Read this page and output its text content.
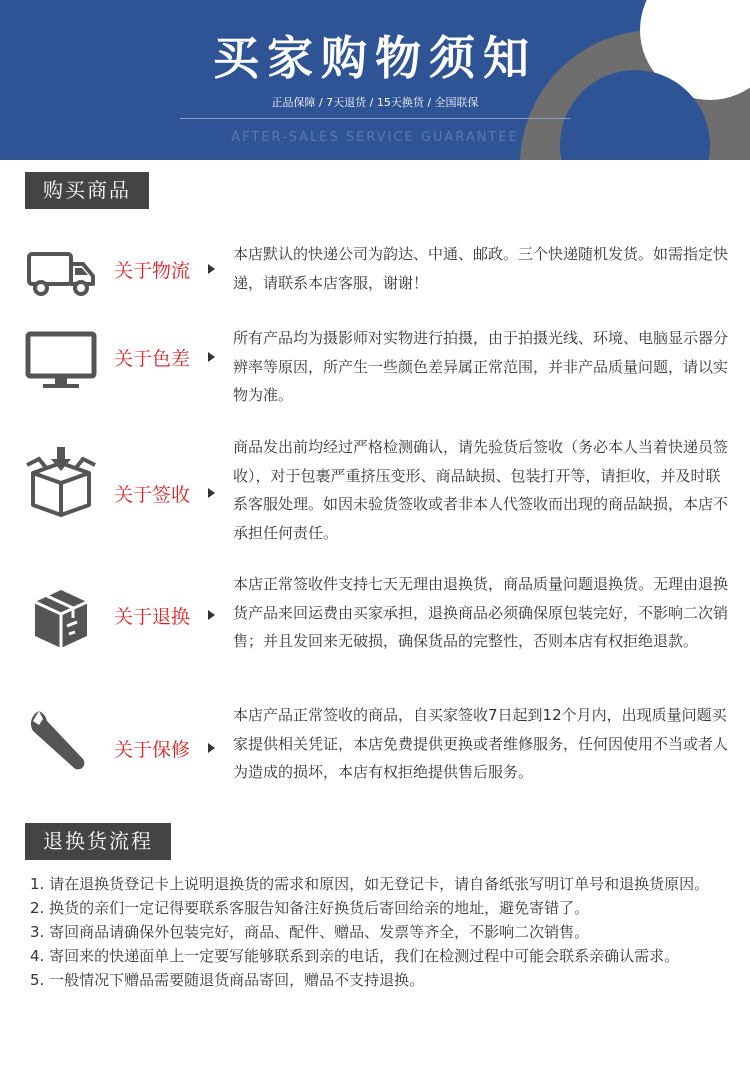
买家购物须知
正品保障 / 7天退货 / 15天换货 / 全国联保
AFTER-SALES SERVICE GUARANTEE
购买商品
关于物流
本店默认的快递公司为韵达、中通、邮政。三个快递随机发货。如需指定快递，请联系本店客服，谢谢！
关于色差
所有产品均为摄影师对实物进行拍摄，由于拍摄光线、环境、电脑显示器分辨率等原因，所产生一些颜色差异属正常范围，并非产品质量问题，请以实物为准。
关于签收
商品发出前均经过严格检测确认，请先验货后签收（务必本人当着快递员签收），对于包裹严重挤压变形、商品缺损、包装打开等，请拒收，并及时联系客服处理。如因未验货签收或者非本人代签收而出现的商品缺损，本店不承担任何责任。
关于退换
本店正常签收件支持七天无理由退换货，商品质量问题退换货。无理由退换货产品来回运费由买家承担，退换商品必须确保原包装完好，不影响二次销售；并且发回来无破损，确保货品的完整性，否则本店有权拒绝退款。
关于保修
本店产品正常签收的商品，自买家签收7日起到12个月内，出现质量问题买家提供相关凭证，本店免费提供更换或者维修服务，任何因使用不当或者人为造成的损坏，本店有权拒绝提供售后服务。
退换货流程
1. 请在退换货登记卡上说明退换货的需求和原因，如无登记卡，请自备纸张写明订单号和退换货原因。
2. 换货的亲们一定记得要联系客服告知备注好换货后寄回给亲的地址，避免寄错了。
3. 寄回商品请确保外包装完好，商品、配件、赠品、发票等齐全，不影响二次销售。
4. 寄回来的快递面单上一定要写能够联系到亲的电话，我们在检测过程中可能会联系亲确认需求。
5. 一般情况下赠品需要随退货商品寄回，赠品不支持退换。
